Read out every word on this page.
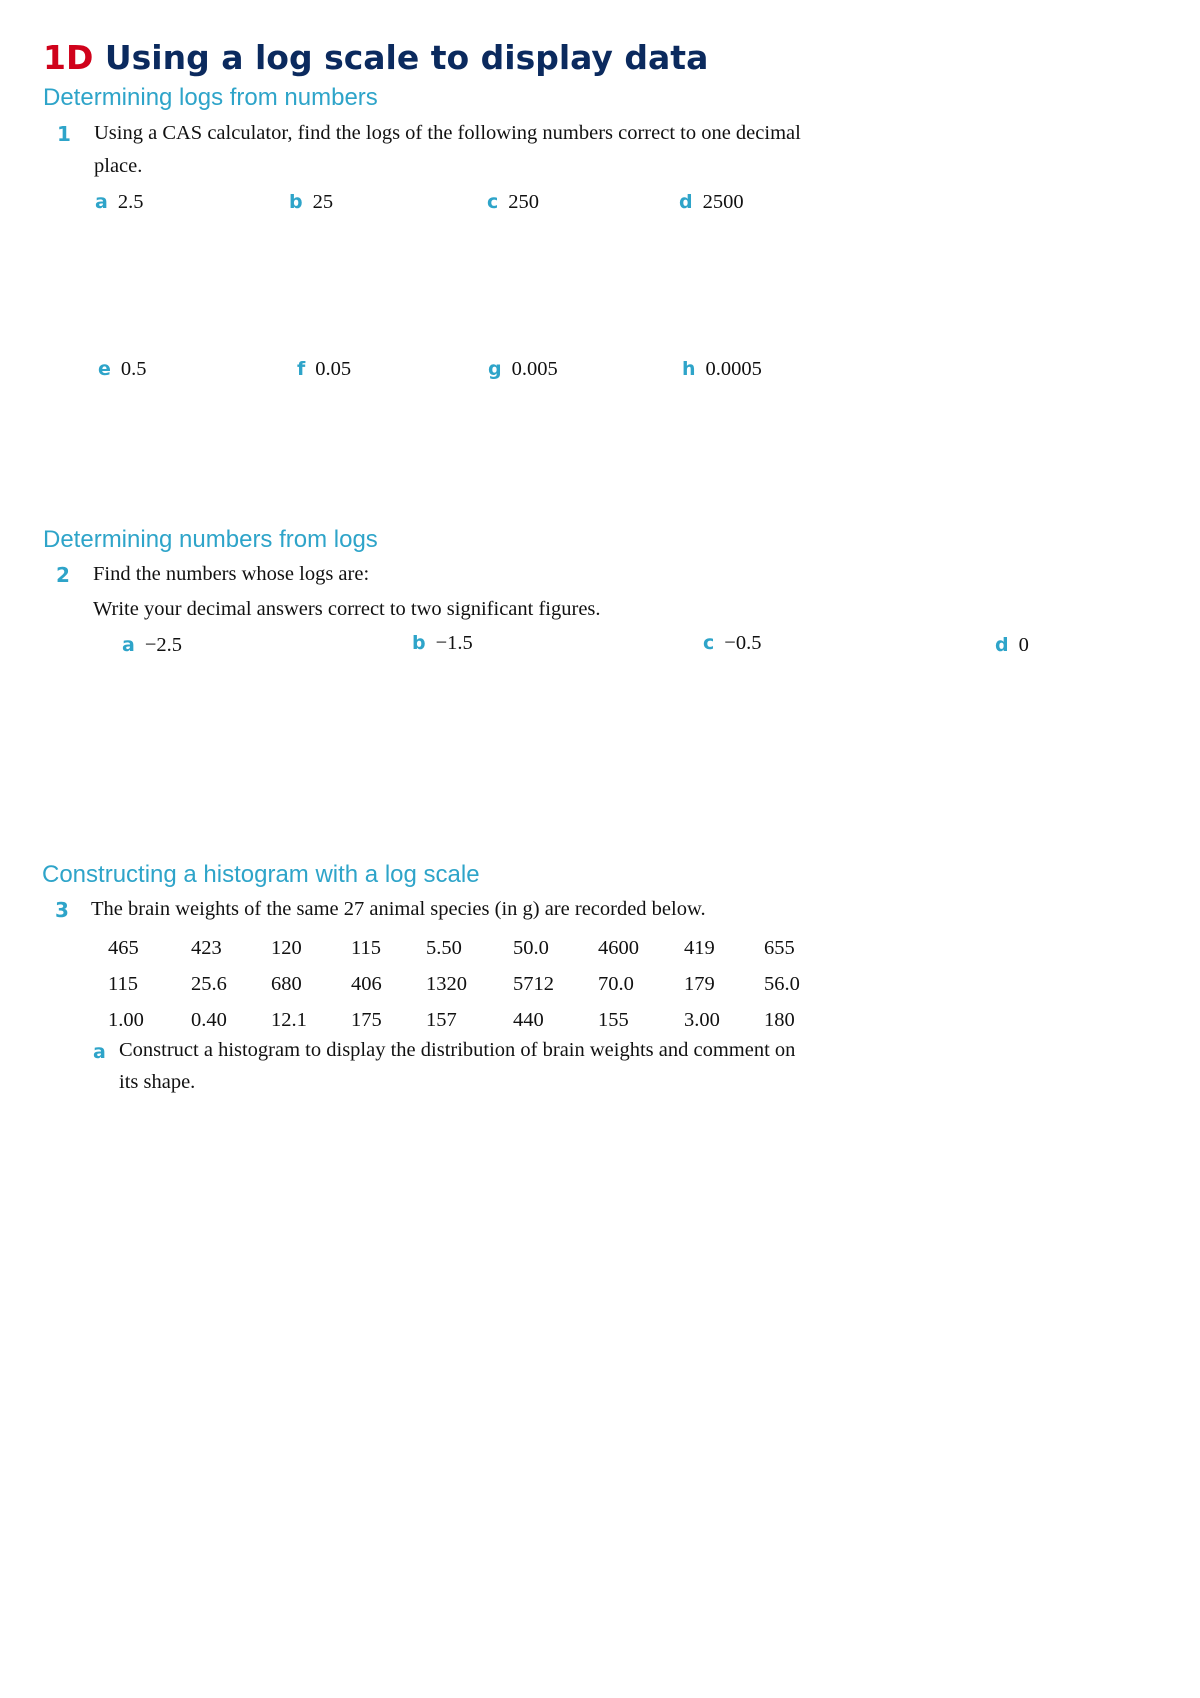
1D Using a log scale to display data
Determining logs from numbers
1 Using a CAS calculator, find the logs of the following numbers correct to one decimal
place.
a 2.5	b 25	c 250	d 2500
e 0.5	f 0.05	g 0.005	h 0.0005
Determining numbers from logs
2 Find the numbers whose logs are:
Write your decimal answers correct to two significant figures.
a −2.5	b −1.5	c −0.5	d 0
Constructing a histogram with a log scale
3 The brain weights of the same 27 animal species (in g) are recorded below.
465	423	120	115	5.50	50.0	4600	419	655
115	25.6	680	406	1320	5712	70.0	179	56.0
1.00	0.40	12.1	175	157	440	155	3.00	180
a Construct a histogram to display the distribution of brain weights and comment on
its shape.
